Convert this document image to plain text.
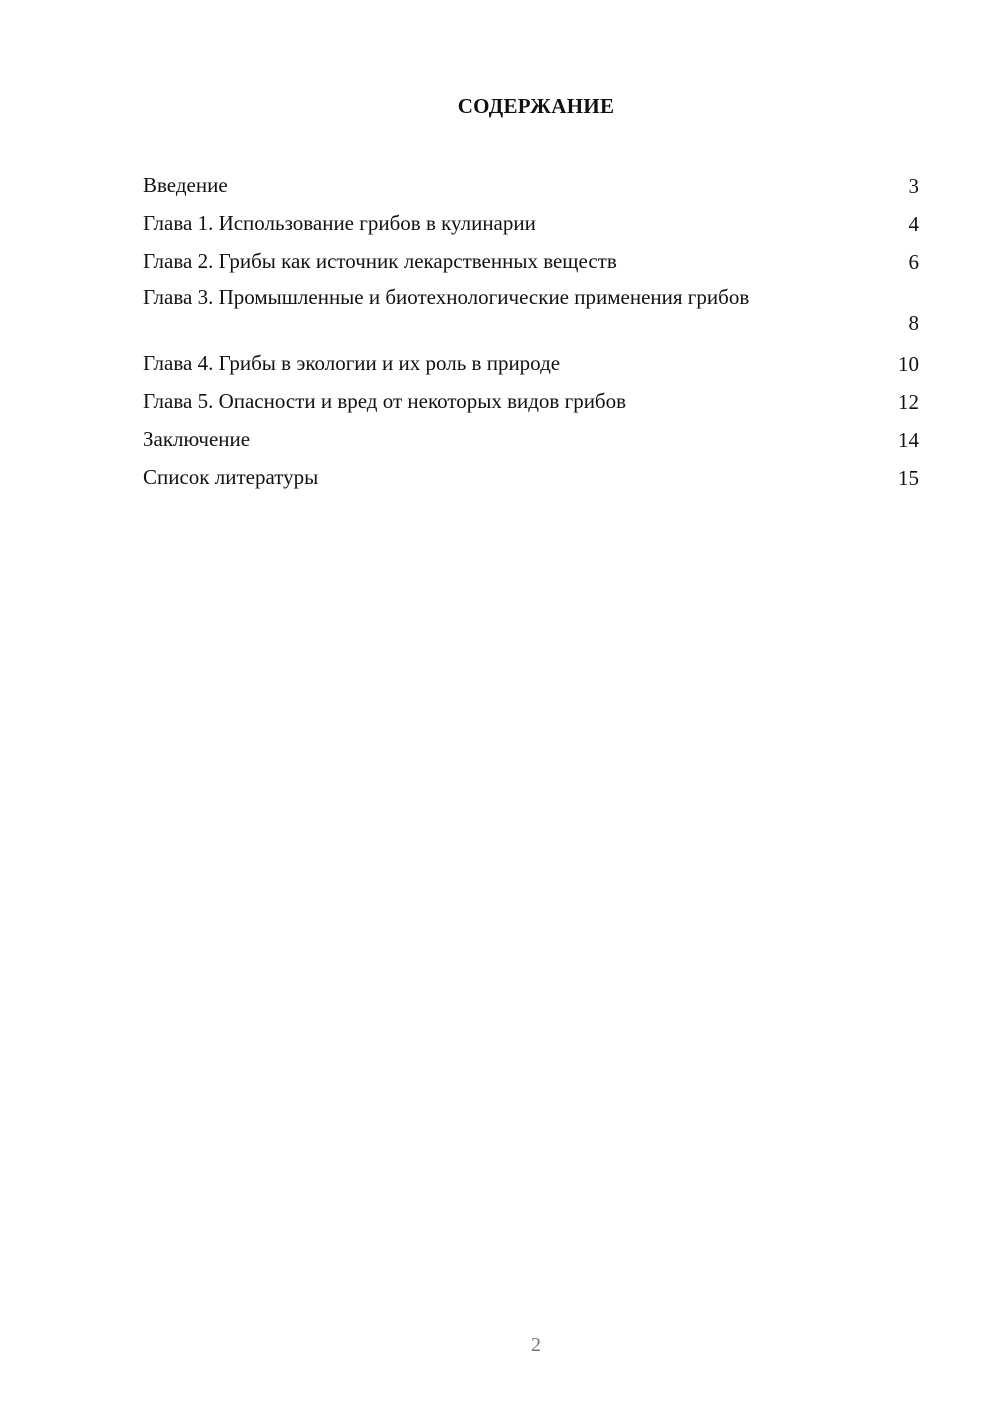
СОДЕРЖАНИЕ
Введение	3
Глава 1. Использование грибов в кулинарии	4
Глава 2. Грибы как источник лекарственных веществ	6
Глава 3. Промышленные и биотехнологические применения грибов
8
Глава 4. Грибы в экологии и их роль в природе	10
Глава 5. Опасности и вред от некоторых видов грибов	12
Заключение	14
Список литературы	15
2
